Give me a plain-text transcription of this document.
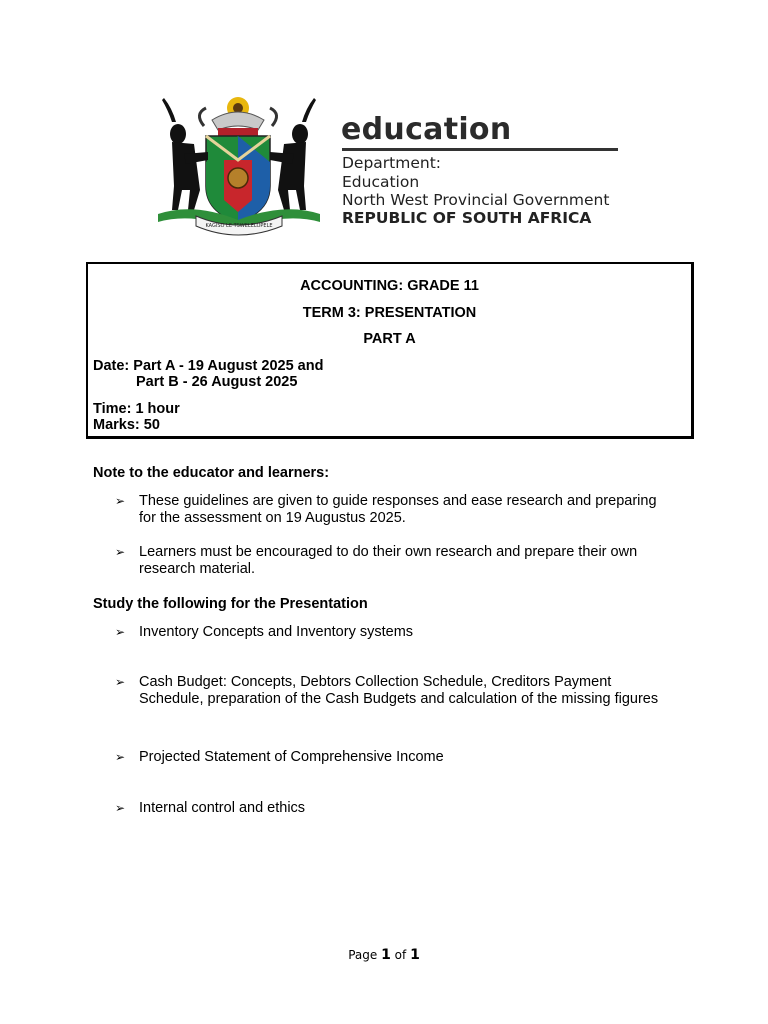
KAGISO LE TSWELELOPELE
education
Department:
Education
North West Provincial Government
REPUBLIC OF SOUTH AFRICA
ACCOUNTING: GRADE 11
TERM 3: PRESENTATION
PART A
Date: Part A - 19 August 2025 and
Part B - 26 August 2025
Time: 1 hour
Marks: 50
Note to the educator and learners:
➢ These guidelines are given to guide responses and ease research and preparing for the assessment on 19 Augustus 2025.
➢ Learners must be encouraged to do their own research and prepare their own research material.
Study the following for the Presentation
➢ Inventory Concepts and Inventory systems
➢ Cash Budget: Concepts, Debtors Collection Schedule, Creditors Payment Schedule, preparation of the Cash Budgets and calculation of the missing figures
➢ Projected Statement of Comprehensive Income
➢ Internal control and ethics
Page 1 of 1
